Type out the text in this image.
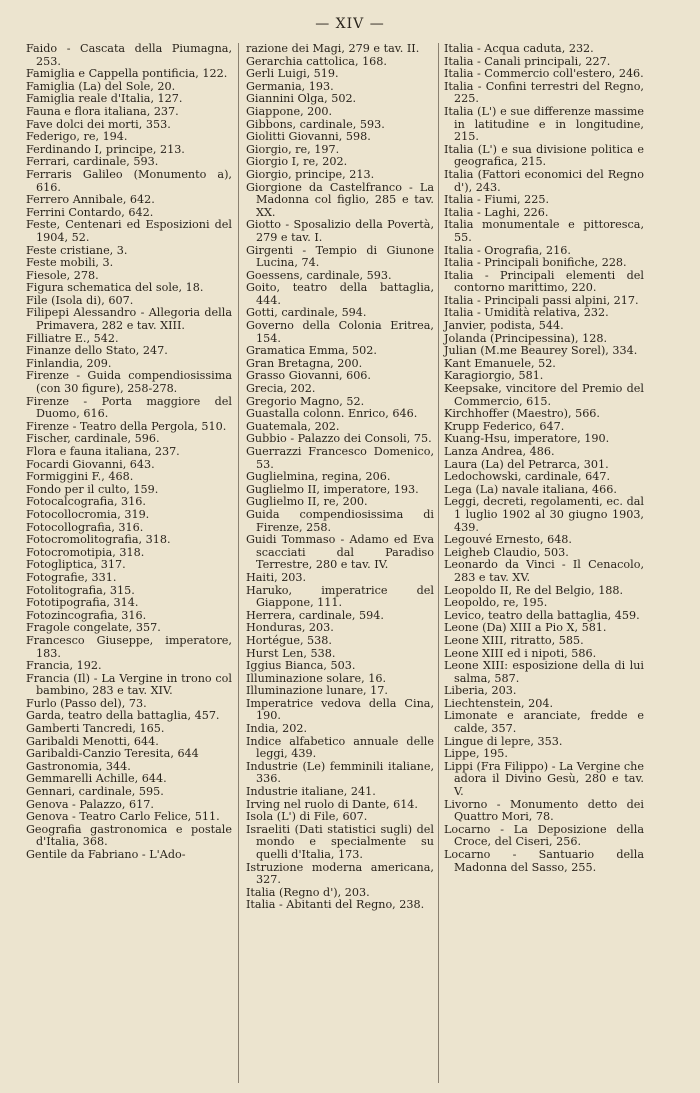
— XIV —
Faido - Cascata della Piumagna, 253.
Famiglia e Cappella pontificia, 122.
Famiglia (La) del Sole, 20.
Famiglia reale d'Italia, 127.
Fauna e flora italiana, 237.
Fave dolci dei morti, 353.
Federigo, re, 194.
Ferdinando I, principe, 213.
Ferrari, cardinale, 593.
Ferraris Galileo (Monumento a), 616.
Ferrero Annibale, 642.
Ferrini Contardo, 642.
Feste, Centenari ed Esposizioni del 1904, 52.
Feste cristiane, 3.
Feste mobili, 3.
Fiesole, 278.
Figura schematica del sole, 18.
File (Isola di), 607.
Filipepi Alessandro - Allegoria della Primavera, 282 e tav. XIII.
Filliatre E., 542.
Finanze dello Stato, 247.
Finlandia, 209.
Firenze - Guida compendiosissima (con 30 figure), 258-278.
Firenze - Porta maggiore del Duomo, 616.
Firenze - Teatro della Pergola, 510.
Fischer, cardinale, 596.
Flora e fauna italiana, 237.
Focardi Giovanni, 643.
Formiggini F., 468.
Fondo per il culto, 159.
Fotocalcografia, 316.
Fotocollocromia, 319.
Fotocollografia, 316.
Fotocromolitografia, 318.
Fotocromotipia, 318.
Fotogliptica, 317.
Fotografie, 331.
Fotolitografia, 315.
Fototipografia, 314.
Fotozincografia, 316.
Fragole congelate, 357.
Francesco Giuseppe, imperatore, 183.
Francia, 192.
Francia (Il) - La Vergine in trono col bambino, 283 e tav. XIV.
Furlo (Passo del), 73.
Garda, teatro della battaglia, 457.
Gamberti Tancredi, 165.
Garibaldi Menotti, 644.
Garibaldi-Canzio Teresita, 644
Gastronomia, 344.
Gemmarelli Achille, 644.
Gennari, cardinale, 595.
Genova - Palazzo, 617.
Genova - Teatro Carlo Felice, 511.
Geografia gastronomica e postale d'Italia, 368.
Gentile da Fabriano - L'Ado-
razione dei Magi, 279 e tav. II.
Gerarchia cattolica, 168.
Gerli Luigi, 519.
Germania, 193.
Giannini Olga, 502.
Giappone, 200.
Gibbons, cardinale, 593.
Giolitti Giovanni, 598.
Giorgio, re, 197.
Giorgio I, re, 202.
Giorgio, principe, 213.
Giorgione da Castelfranco - La Madonna col figlio, 285 e tav. XX.
Giotto - Sposalizio della Povertà, 279 e tav. I.
Girgenti - Tempio di Giunone Lucina, 74.
Goessens, cardinale, 593.
Goito, teatro della battaglia, 444.
Gotti, cardinale, 594.
Governo della Colonia Eritrea, 154.
Gramatica Emma, 502.
Gran Bretagna, 200.
Grasso Giovanni, 606.
Grecia, 202.
Gregorio Magno, 52.
Guastalla colonn. Enrico, 646.
Guatemala, 202.
Gubbio - Palazzo dei Consoli, 75.
Guerrazzi Francesco Domenico, 53.
Guglielmina, regina, 206.
Guglielmo II, imperatore, 193.
Guglielmo II, re, 200.
Guida compendiosissima di Firenze, 258.
Guidi Tommaso - Adamo ed Eva scacciati dal Paradiso Terrestre, 280 e tav. IV.
Haiti, 203.
Haruko, imperatrice del Giappone, 111.
Herrera, cardinale, 594.
Honduras, 203.
Hortégue, 538.
Hurst Len, 538.
Iggius Bianca, 503.
Illuminazione solare, 16.
Illuminazione lunare, 17.
Imperatrice vedova della Cina, 190.
India, 202.
Indice alfabetico annuale delle leggi, 439.
Industrie (Le) femminili italiane, 336.
Industrie italiane, 241.
Irving nel ruolo di Dante, 614.
Isola (L') di File, 607.
Israeliti (Dati statistici sugli) del mondo e specialmente su quelli d'Italia, 173.
Istruzione moderna americana, 327.
Italia (Regno d'), 203.
Italia - Abitanti del Regno, 238.
Italia - Acqua caduta, 232.
Italia - Canali principali, 227.
Italia - Commercio coll'estero, 246.
Italia - Confini terrestri del Regno, 225.
Italia (L') e sue differenze massime in latitudine e in longitudine, 215.
Italia (L') e sua divisione politica e geografica, 215.
Italia (Fattori economici del Regno d'), 243.
Italia - Fiumi, 225.
Italia - Laghi, 226.
Italia monumentale e pittoresca, 55.
Italia - Orografia, 216.
Italia - Principali bonifiche, 228.
Italia - Principali elementi del contorno marittimo, 220.
Italia - Principali passi alpini, 217.
Italia - Umidità relativa, 232.
Janvier, podista, 544.
Jolanda (Principessina), 128.
Julian (M.me Beaurey Sorel), 334.
Kant Emanuele, 52.
Karagiorgio, 581.
Keepsake, vincitore del Premio del Commercio, 615.
Kirchhoffer (Maestro), 566.
Krupp Federico, 647.
Kuang-Hsu, imperatore, 190.
Lanza Andrea, 486.
Laura (La) del Petrarca, 301.
Ledochowski, cardinale, 647.
Lega (La) navale italiana, 466.
Leggi, decreti, regolamenti, ec. dal 1 luglio 1902 al 30 giugno 1903, 439.
Legouvé Ernesto, 648.
Leigheb Claudio, 503.
Leonardo da Vinci - Il Cenacolo, 283 e tav. XV.
Leopoldo II, Re del Belgio, 188.
Leopoldo, re, 195.
Levico, teatro della battaglia, 459.
Leone (Da) XIII a Pio X, 581.
Leone XIII, ritratto, 585.
Leone XIII ed i nipoti, 586.
Leone XIII: esposizione della di lui salma, 587.
Liberia, 203.
Liechtenstein, 204.
Limonate e aranciate, fredde e calde, 357.
Lingue di lepre, 353.
Lippe, 195.
Lippi (Fra Filippo) - La Vergine che adora il Divino Gesù, 280 e tav. V.
Livorno - Monumento detto dei Quattro Mori, 78.
Locarno - La Deposizione della Croce, del Ciseri, 256.
Locarno - Santuario della Madonna del Sasso, 255.
